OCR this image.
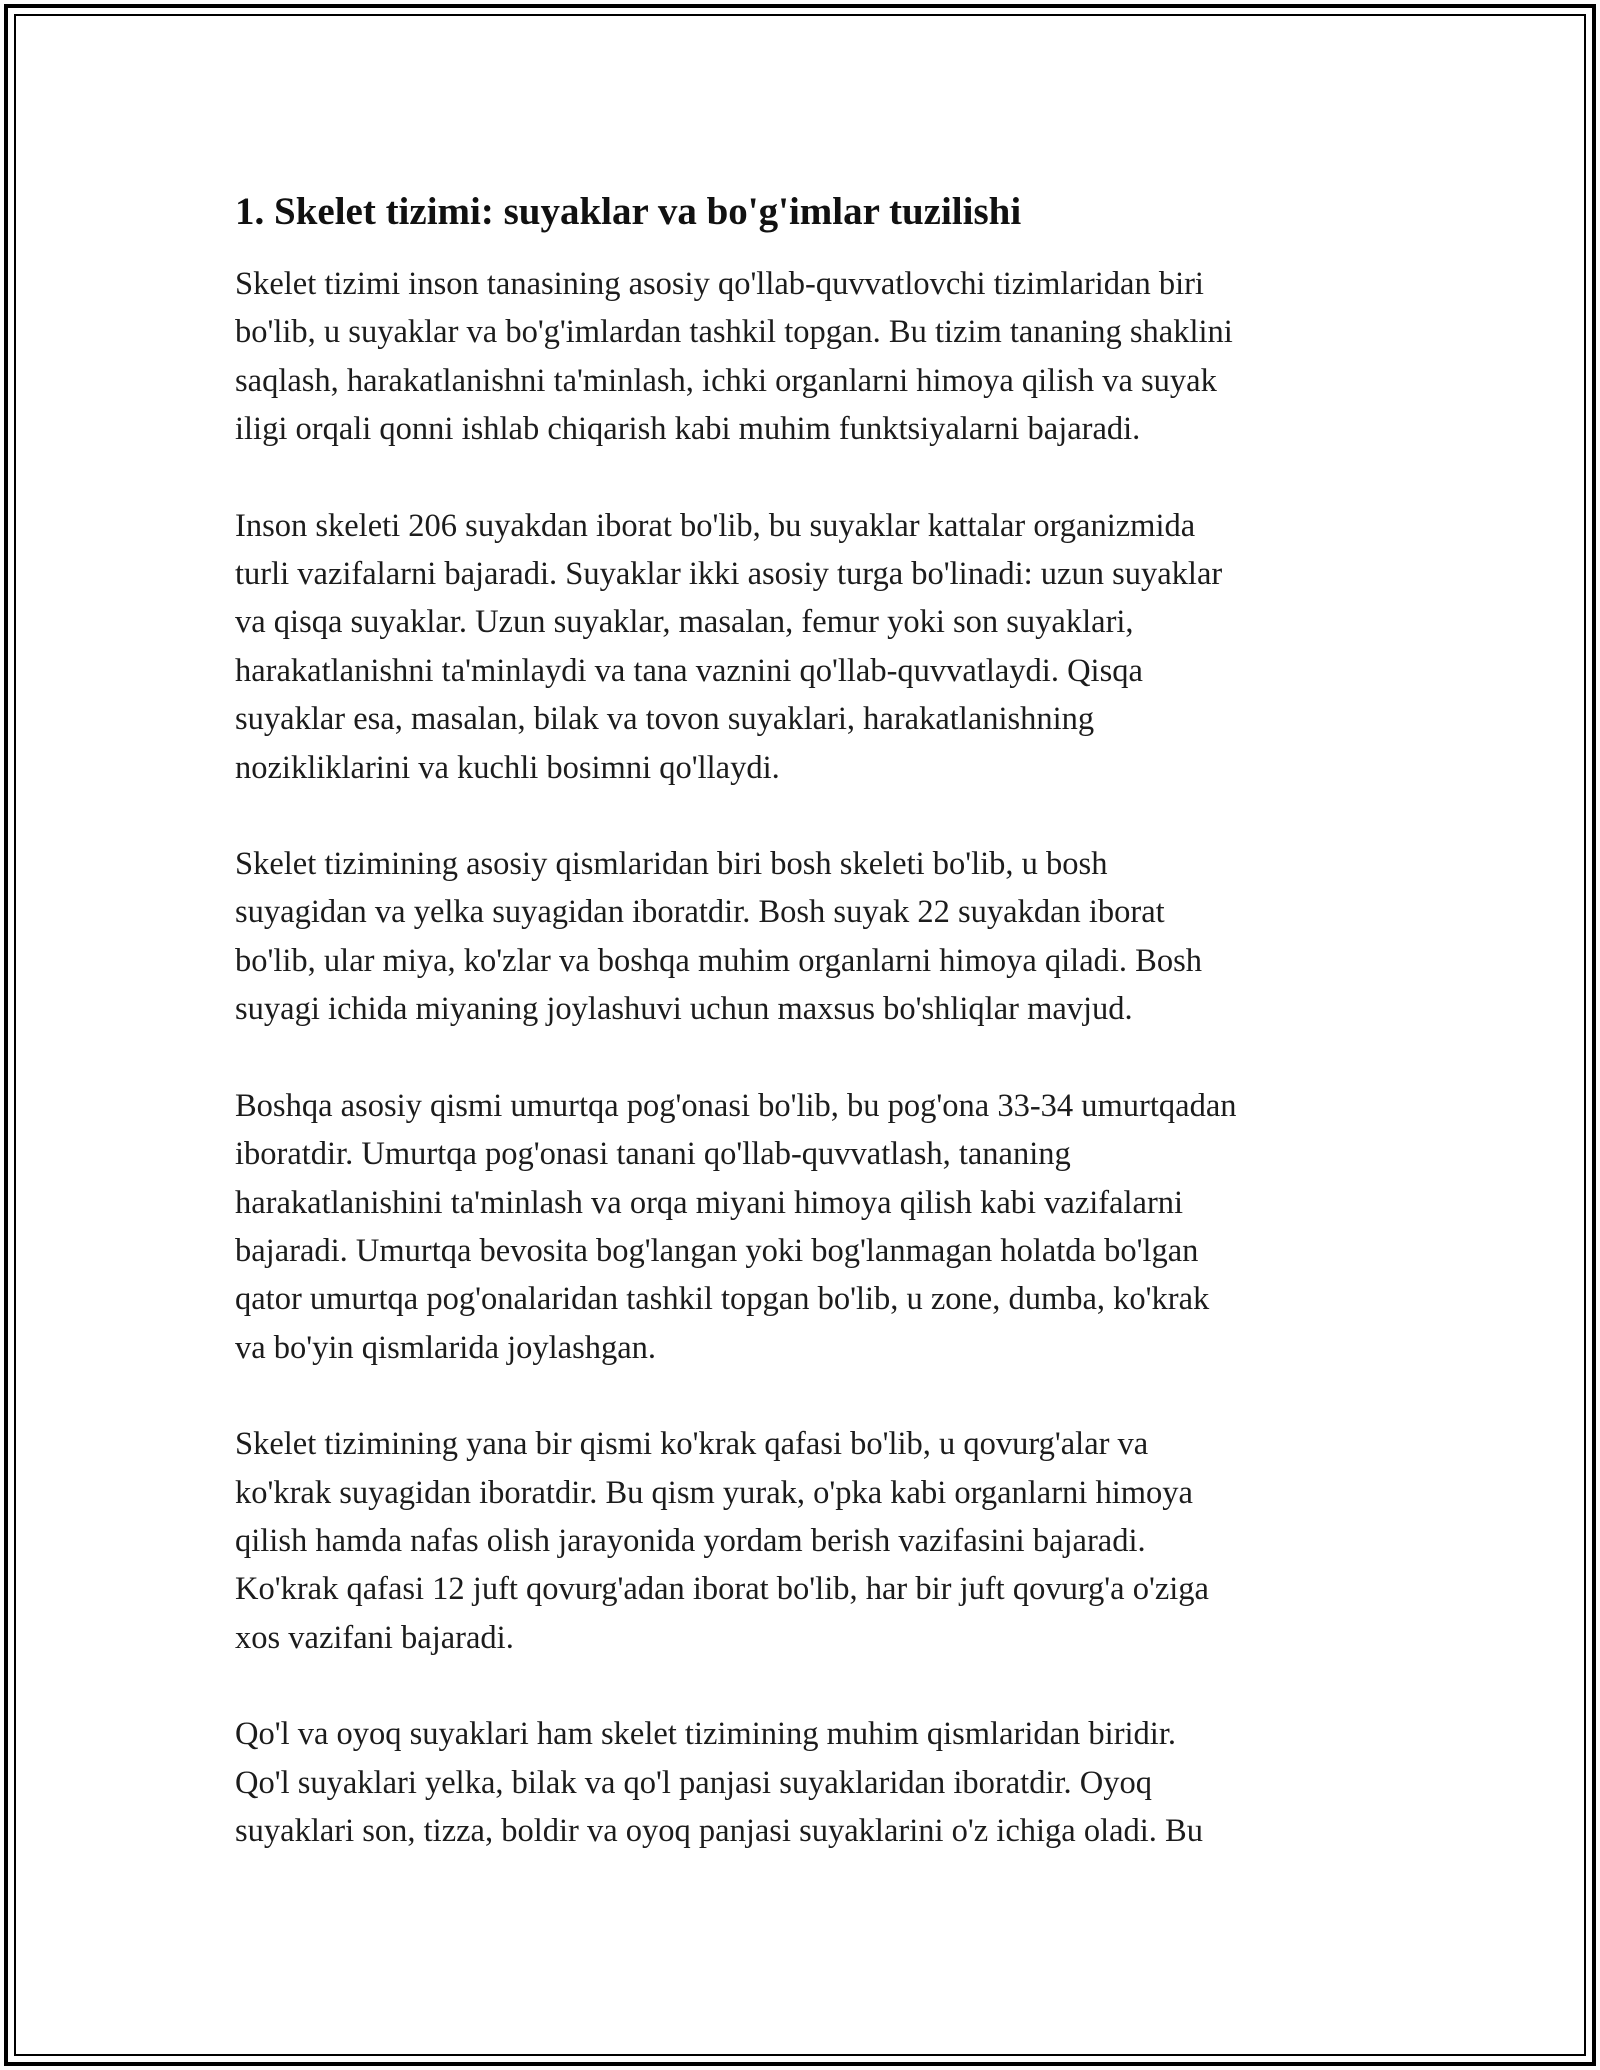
1. Skelet tizimi: suyaklar va bo'g'imlar tuzilishi

Skelet tizimi inson tanasining asosiy qo'llab-quvvatlovchi tizimlaridan biri
bo'lib, u suyaklar va bo'g'imlardan tashkil topgan. Bu tizim tananing shaklini
saqlash, harakatlanishni ta'minlash, ichki organlarni himoya qilish va suyak
iligi orqali qonni ishlab chiqarish kabi muhim funktsiyalarni bajaradi.

Inson skeleti 206 suyakdan iborat bo'lib, bu suyaklar kattalar organizmida
turli vazifalarni bajaradi. Suyaklar ikki asosiy turga bo'linadi: uzun suyaklar
va qisqa suyaklar. Uzun suyaklar, masalan, femur yoki son suyaklari,
harakatlanishni ta'minlaydi va tana vaznini qo'llab-quvvatlaydi. Qisqa
suyaklar esa, masalan, bilak va tovon suyaklari, harakatlanishning
nozikliklarini va kuchli bosimni qo'llaydi.

Skelet tizimining asosiy qismlaridan biri bosh skeleti bo'lib, u bosh
suyagidan va yelka suyagidan iboratdir. Bosh suyak 22 suyakdan iborat
bo'lib, ular miya, ko'zlar va boshqa muhim organlarni himoya qiladi. Bosh
suyagi ichida miyaning joylashuvi uchun maxsus bo'shliqlar mavjud.

Boshqa asosiy qismi umurtqa pog'onasi bo'lib, bu pog'ona 33-34 umurtqadan
iboratdir. Umurtqa pog'onasi tanani qo'llab-quvvatlash, tananing
harakatlanishini ta'minlash va orqa miyani himoya qilish kabi vazifalarni
bajaradi. Umurtqa bevosita bog'langan yoki bog'lanmagan holatda bo'lgan
qator umurtqa pog'onalaridan tashkil topgan bo'lib, u zone, dumba, ko'krak
va bo'yin qismlarida joylashgan.

Skelet tizimining yana bir qismi ko'krak qafasi bo'lib, u qovurg'alar va
ko'krak suyagidan iboratdir. Bu qism yurak, o'pka kabi organlarni himoya
qilish hamda nafas olish jarayonida yordam berish vazifasini bajaradi.
Ko'krak qafasi 12 juft qovurg'adan iborat bo'lib, har bir juft qovurg'a o'ziga
xos vazifani bajaradi.

Qo'l va oyoq suyaklari ham skelet tizimining muhim qismlaridan biridir.
Qo'l suyaklari yelka, bilak va qo'l panjasi suyaklaridan iboratdir. Oyoq
suyaklari son, tizza, boldir va oyoq panjasi suyaklarini o'z ichiga oladi. Bu
